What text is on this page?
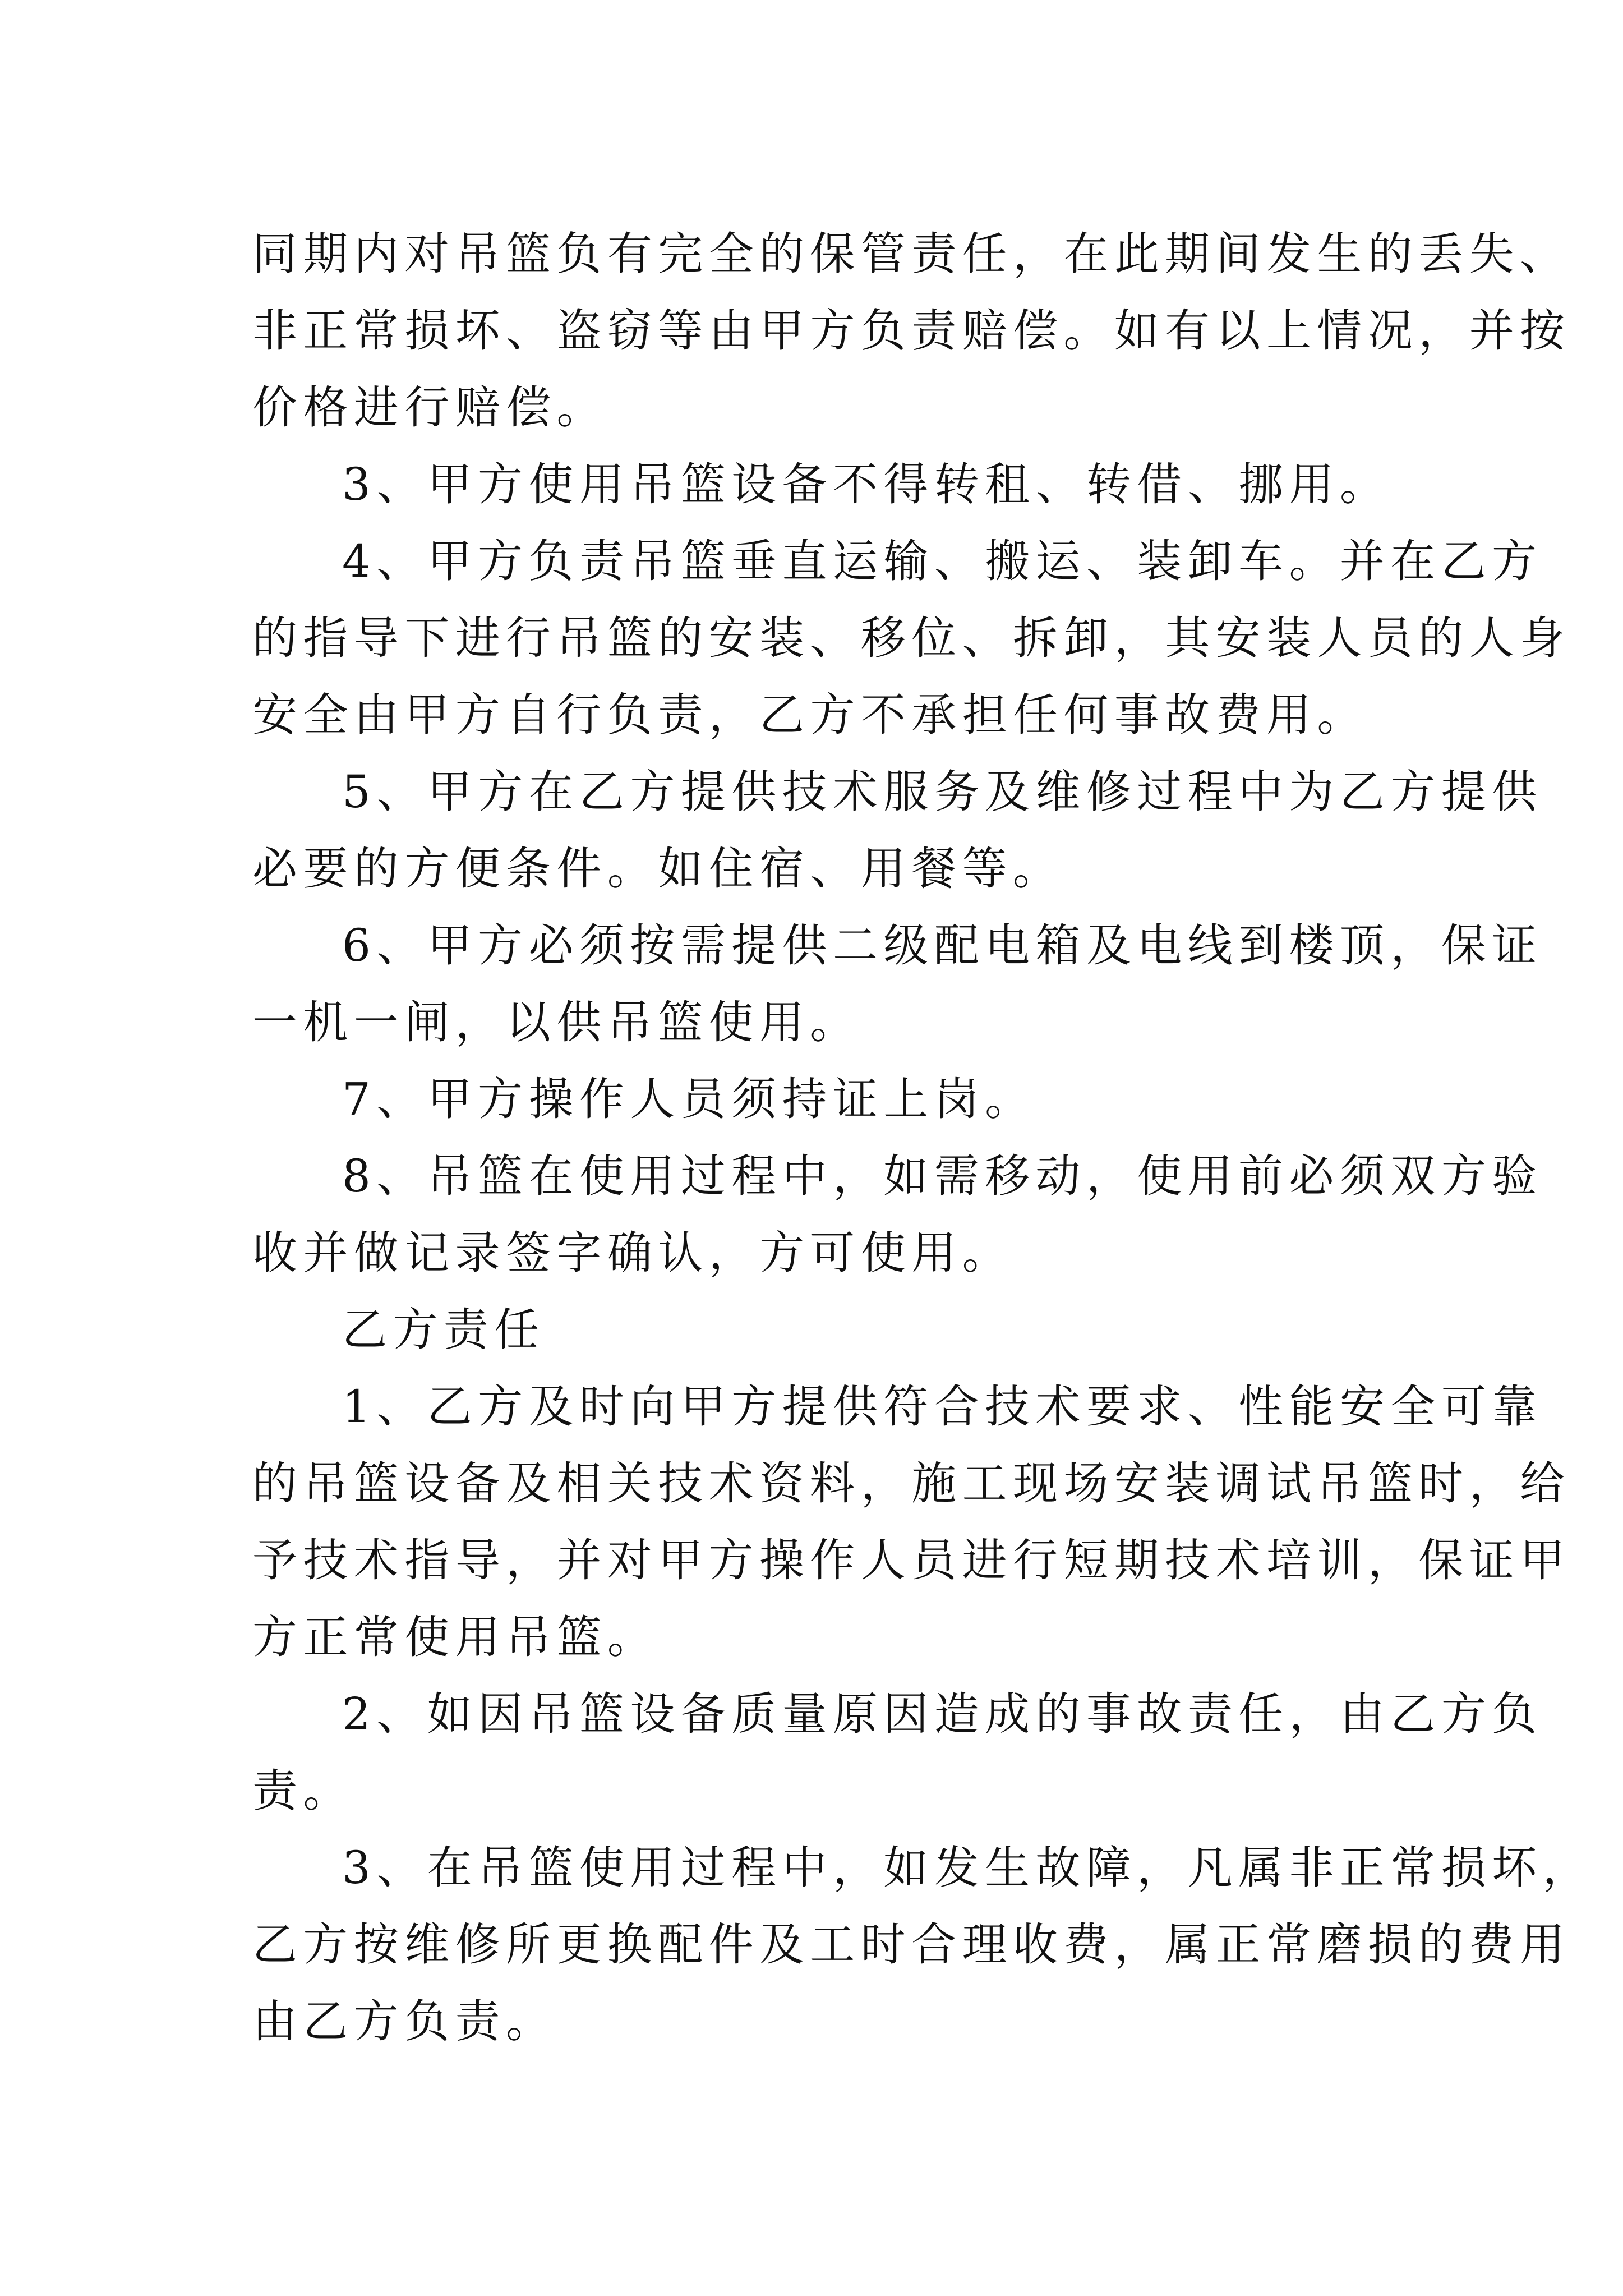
同期内对吊篮负有完全的保管责任，在此期间发生的丢失、
非正常损坏、盗窃等由甲方负责赔偿。如有以上情况，并按
价格进行赔偿。

3、甲方使用吊篮设备不得转租、转借、挪用。

4、甲方负责吊篮垂直运输、搬运、装卸车。并在乙方
的指导下进行吊篮的安装、移位、拆卸，其安装人员的人身
安全由甲方自行负责，乙方不承担任何事故费用。

5、甲方在乙方提供技术服务及维修过程中为乙方提供
必要的方便条件。如住宿、用餐等。

6、甲方必须按需提供二级配电箱及电线到楼顶，保证
一机一闸，以供吊篮使用。

7、甲方操作人员须持证上岗。

8、吊篮在使用过程中，如需移动，使用前必须双方验
收并做记录签字确认，方可使用。

乙方责任

1、乙方及时向甲方提供符合技术要求、性能安全可靠
的吊篮设备及相关技术资料，施工现场安装调试吊篮时，给
予技术指导，并对甲方操作人员进行短期技术培训，保证甲
方正常使用吊篮。

2、如因吊篮设备质量原因造成的事故责任，由乙方负
责。

3、在吊篮使用过程中，如发生故障，凡属非正常损坏，
乙方按维修所更换配件及工时合理收费，属正常磨损的费用
由乙方负责。
